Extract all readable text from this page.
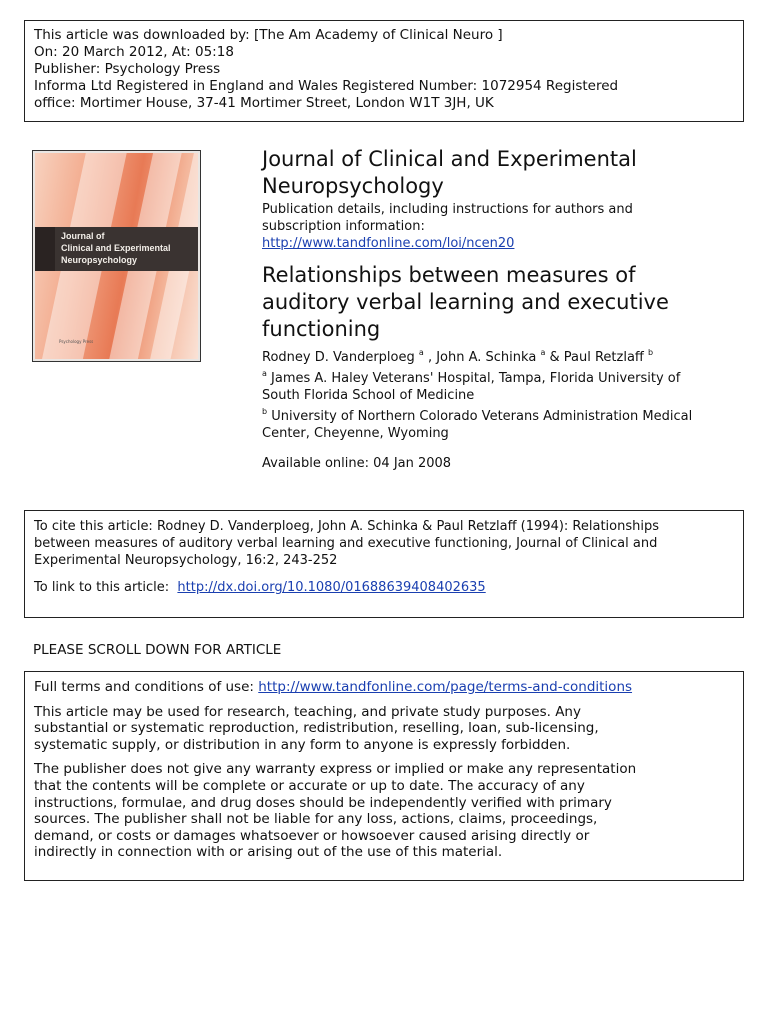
This article was downloaded by: [The Am Academy of Clinical Neuro ]
On: 20 March 2012, At: 05:18
Publisher: Psychology Press
Informa Ltd Registered in England and Wales Registered Number: 1072954 Registered
office: Mortimer House, 37-41 Mortimer Street, London W1T 3JH, UK
Journal of
Clinical and Experimental
Neuropsychology
Psychology Press
Journal of Clinical and Experimental
Neuropsychology
Publication details, including instructions for authors and
subscription information:
http://www.tandfonline.com/loi/ncen20
Relationships between measures of
auditory verbal learning and executive
functioning
Rodney D. Vanderploeg $^a$ , John A. Schinka $^a$ & Paul Retzlaff $^b$
$^a$ James A. Haley Veterans' Hospital, Tampa, Florida University of
South Florida School of Medicine
$^b$ University of Northern Colorado Veterans Administration Medical
Center, Cheyenne, Wyoming
Available online: 04 Jan 2008
To cite this article: Rodney D. Vanderploeg, John A. Schinka & Paul Retzlaff (1994): Relationships
between measures of auditory verbal learning and executive functioning, Journal of Clinical and
Experimental Neuropsychology, 16:2, 243-252
To link to this article: http://dx.doi.org/10.1080/01688639408402635
PLEASE SCROLL DOWN FOR ARTICLE
Full terms and conditions of use: http://www.tandfonline.com/page/terms-and-conditions
This article may be used for research, teaching, and private study purposes. Any
substantial or systematic reproduction, redistribution, reselling, loan, sub-licensing,
systematic supply, or distribution in any form to anyone is expressly forbidden.
The publisher does not give any warranty express or implied or make any representation
that the contents will be complete or accurate or up to date. The accuracy of any
instructions, formulae, and drug doses should be independently verified with primary
sources. The publisher shall not be liable for any loss, actions, claims, proceedings,
demand, or costs or damages whatsoever or howsoever caused arising directly or
indirectly in connection with or arising out of the use of this material.
